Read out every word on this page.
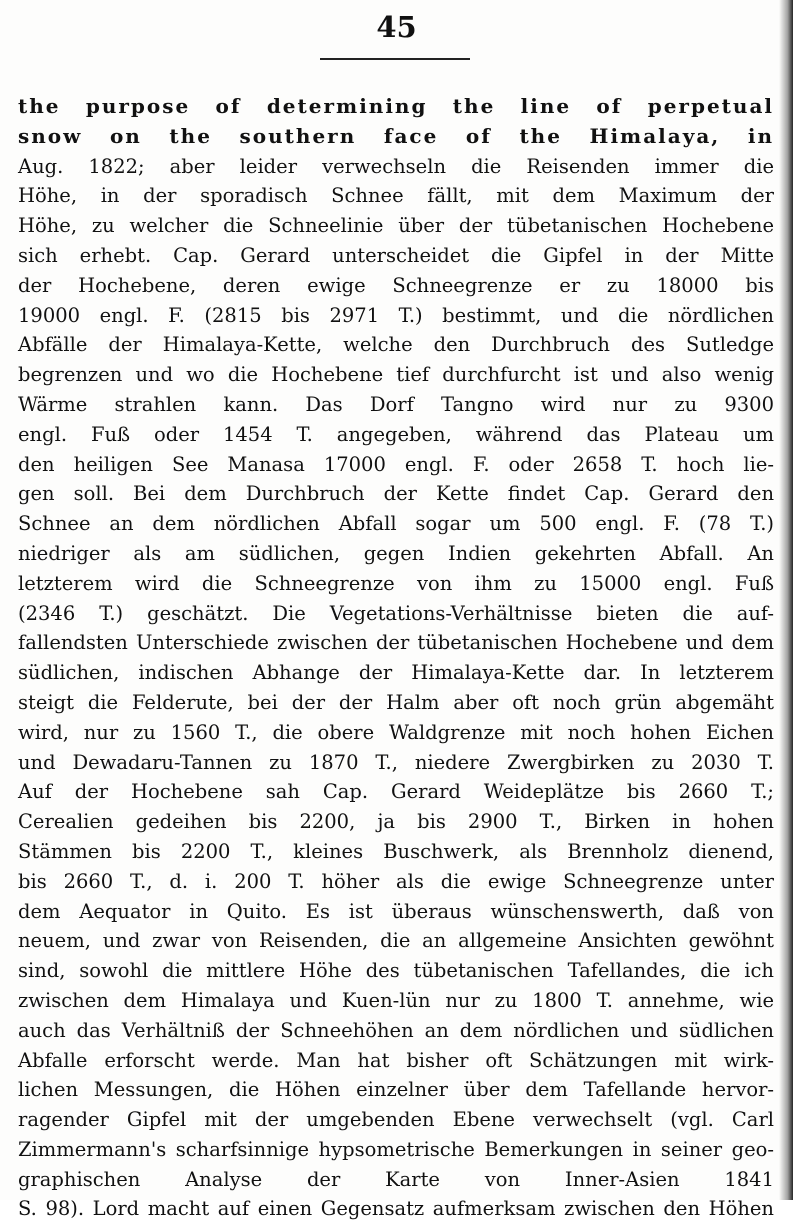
45
the purpose of determining the line of perpetual
snow on the southern face of the Himalaya, in
Aug. 1822; aber leider verwechseln die Reisenden immer die
Höhe, in der sporadisch Schnee fällt, mit dem Maximum der
Höhe, zu welcher die Schneelinie über der tübetanischen Hochebene
sich erhebt. Cap. Gerard unterscheidet die Gipfel in der Mitte
der Hochebene, deren ewige Schneegrenze er zu 18000 bis
19000 engl. F. (2815 bis 2971 T.) bestimmt, und die nördlichen
Abfälle der Himalaya-Kette, welche den Durchbruch des Sutledge
begrenzen und wo die Hochebene tief durchfurcht ist und also wenig
Wärme strahlen kann. Das Dorf Tangno wird nur zu 9300
engl. Fuß oder 1454 T. angegeben, während das Plateau um
den heiligen See Manasa 17000 engl. F. oder 2658 T. hoch lie-
gen soll. Bei dem Durchbruch der Kette findet Cap. Gerard den
Schnee an dem nördlichen Abfall sogar um 500 engl. F. (78 T.)
niedriger als am südlichen, gegen Indien gekehrten Abfall. An
letzterem wird die Schneegrenze von ihm zu 15000 engl. Fuß
(2346 T.) geschätzt. Die Vegetations-Verhältnisse bieten die auf-
fallendsten Unterschiede zwischen der tübetanischen Hochebene und dem
südlichen, indischen Abhange der Himalaya-Kette dar. In letzterem
steigt die Felderute, bei der der Halm aber oft noch grün abgemäht
wird, nur zu 1560 T., die obere Waldgrenze mit noch hohen Eichen
und Dewadaru-Tannen zu 1870 T., niedere Zwergbirken zu 2030 T.
Auf der Hochebene sah Cap. Gerard Weideplätze bis 2660 T.;
Cerealien gedeihen bis 2200, ja bis 2900 T., Birken in hohen
Stämmen bis 2200 T., kleines Buschwerk, als Brennholz dienend,
bis 2660 T., d. i. 200 T. höher als die ewige Schneegrenze unter
dem Aequator in Quito. Es ist überaus wünschenswerth, daß von
neuem, und zwar von Reisenden, die an allgemeine Ansichten gewöhnt
sind, sowohl die mittlere Höhe des tübetanischen Tafellandes, die ich
zwischen dem Himalaya und Kuen-lün nur zu 1800 T. annehme, wie
auch das Verhältniß der Schneehöhen an dem nördlichen und südlichen
Abfalle erforscht werde. Man hat bisher oft Schätzungen mit wirk-
lichen Messungen, die Höhen einzelner über dem Tafellande hervor-
ragender Gipfel mit der umgebenden Ebene verwechselt (vgl. Carl
Zimmermann's scharfsinnige hypsometrische Bemerkungen in seiner geo-
graphischen Analyse der Karte von Inner-Asien 1841
S. 98). Lord macht auf einen Gegensatz aufmerksam zwischen den Höhen
